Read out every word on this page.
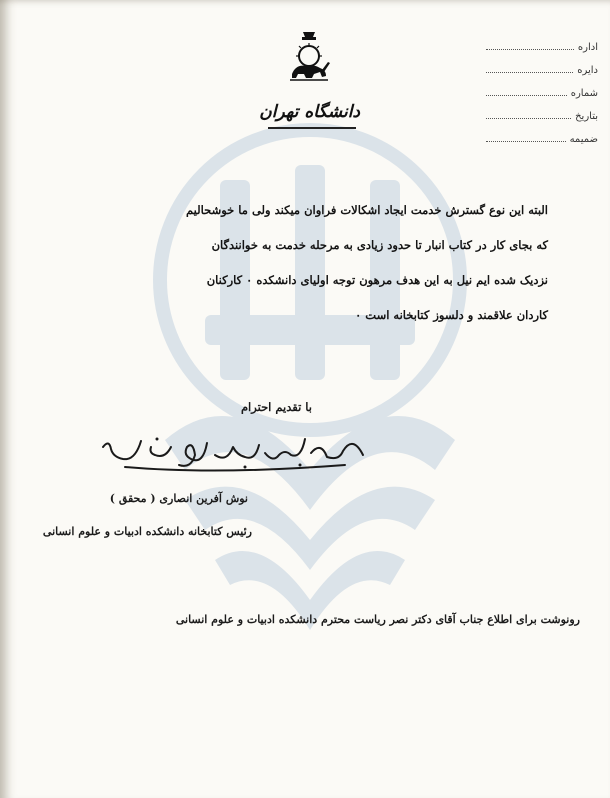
دانشگاه تهران
اداره
دایره
شماره
بتاریخ
ضمیمه
البته این نوع گسترش خدمت ایجاد اشکالات فراوان میکند ولی ما خوشحالیم
که بجای کار در کتاب انبار تا حدود زیادی به مرحله خدمت به خوانندگان
نزدیک شده ایم نیل به این هدف مرهون توجه اولیای دانشکده ۰ کارکنان
کاردان علاقمند و دلسوز کتابخانه است ۰
با تقدیم احترام
نوش آفرین انصاری ( محقق )
رئیس کتابخانه دانشکده ادبیات و علوم انسانی
رونوشت برای اطلاع جناب آقای دکتر نصر ریاست محترم دانشکده ادبیات و علوم انسانی
